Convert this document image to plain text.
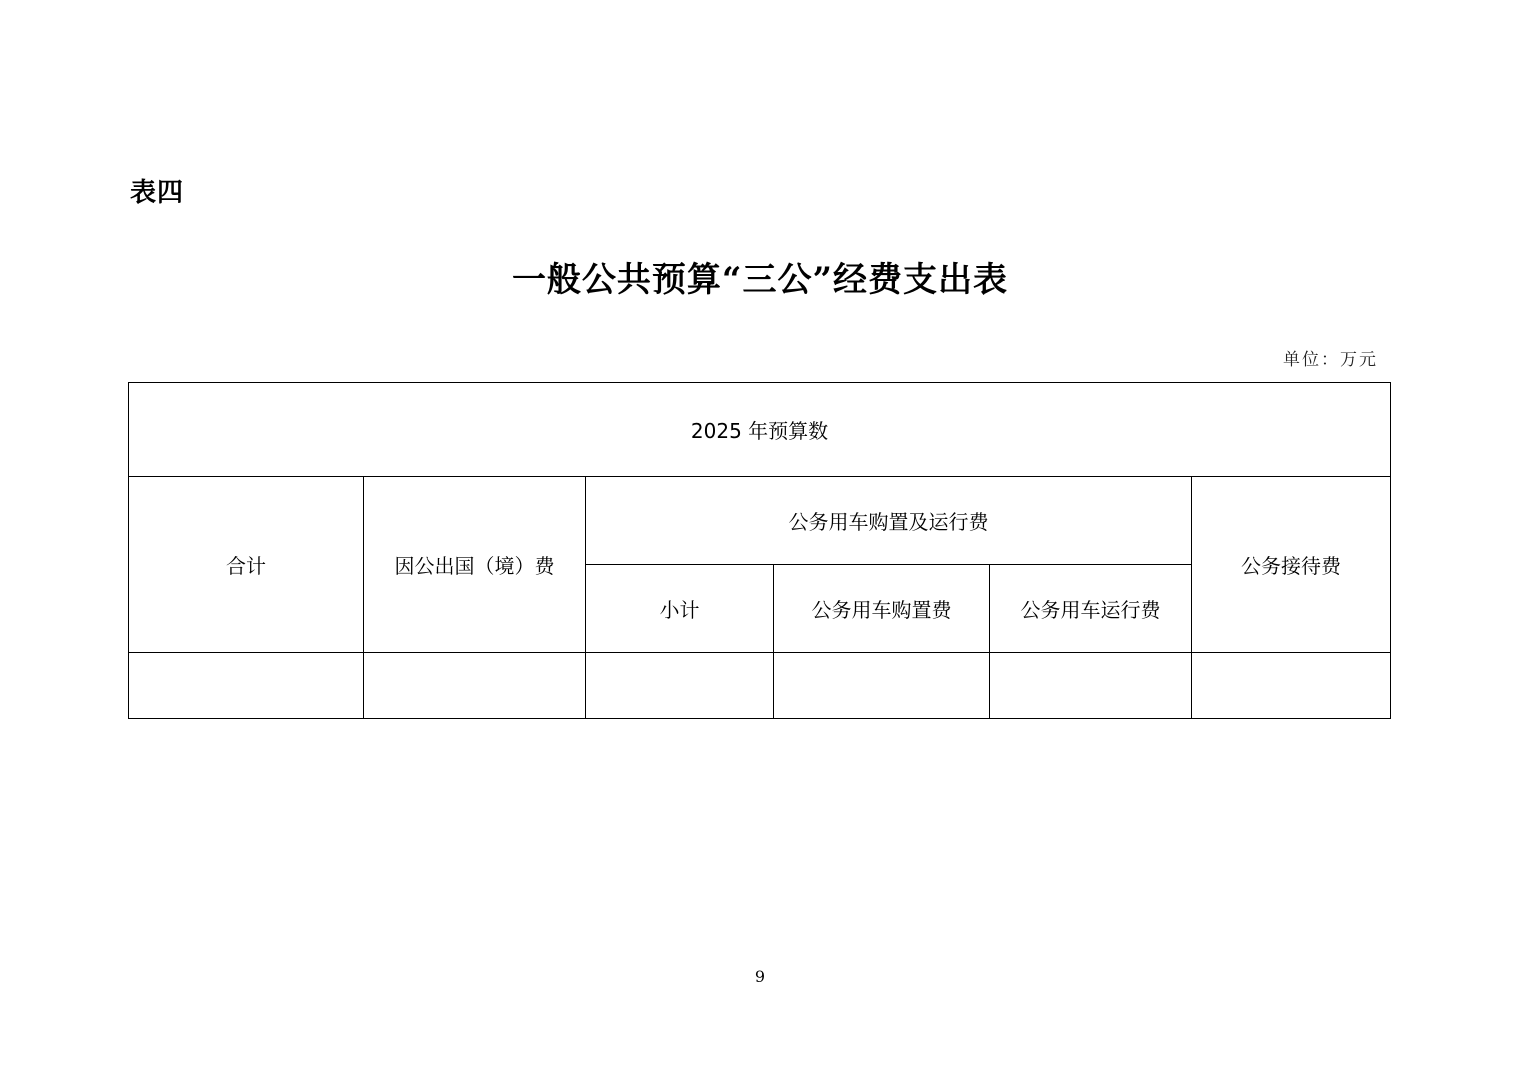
表四
一般公共预算“三公”经费支出表
单位：万元
2025 年预算数					
合计	因公出国（境）费	公务用车购置及运行费			公务接待费
		小计	公务用车购置费	公务用车运行费	

9
